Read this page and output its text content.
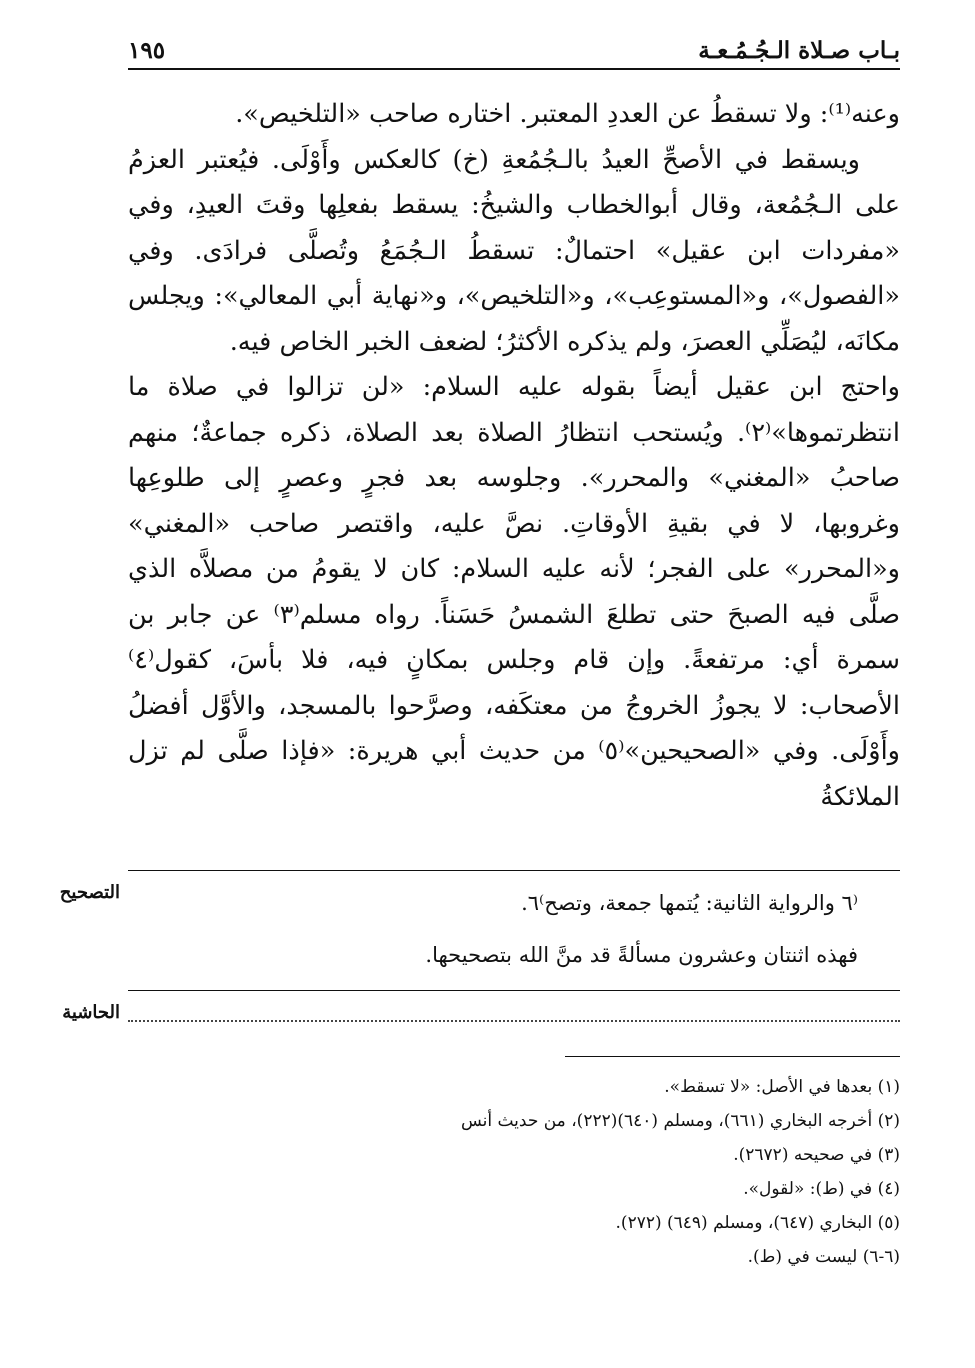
١٩٥	بـاب صـلاة الـجُـمُـعـة

وعنه⁽¹⁾: ولا تسقطُ عن العددِ المعتبر. اختاره صاحب «التلخيص».

ويسقط في الأصحِّ العيدُ بالـجُمُعةِ (خ) كالعكس وأَوْلَى. فيُعتبر العزمُ على الـجُمُعة، وقال أبوالخطاب والشيخُ: يسقط بفعلِها وقتَ العيدِ، وفي «مفردات ابن عقيل» احتمالٌ: تسقطُ الـجُمَعُ وتُصلَّى فرادَى. وفي «الفصول»، و«المستوعِب»، و«التلخيص»، و«نهاية أبي المعالي»: ويجلس مكانَه، ليُصَلِّي العصرَ، ولم يذكره الأكثرُ؛ لضعف الخبر الخاص فيه.

واحتج ابن عقيل أيضاً بقوله عليه السلام: «لن تزالوا في صلاة ما انتظرتموها»⁽٢⁾. ويُستحب انتظارُ الصلاة بعد الصلاة، ذكره جماعةٌ؛ منهم صاحبُ «المغني» والمحرر». وجلوسه بعد فجرٍ وعصرٍ إلى طلوعِها وغروبها، لا في بقيةِ الأوقاتِ. نصَّ عليه، واقتصر صاحب «المغني» و«المحرر» على الفجر؛ لأنه عليه السلام: كان لا يقومُ من مصلاَّه الذي صلَّى فيه الصبحَ حتى تطلعَ الشمسُ حَسَناً. رواه مسلم⁽٣⁾ عن جابر بن سمرة أي: مرتفعةً. وإن قام وجلس بمكانٍ فيه، فلا بأسَ، كقول⁽٤⁾ الأصحاب: لا يجوزُ الخروجُ من معتكَفه، وصرَّحوا بالمسجد، والأوَّل أفضلُ وأَوْلَى. وفي «الصحيحين»⁽٥⁾ من حديث أبي هريرة: «فإذا صلَّى لم تزل الملائكةُ

التصحيح	⁽٦ والرواية الثانية: يُتمها جمعة، وتصح⁾٦.
فهذه اثنتان وعشرون مسألةً قد منَّ الله بتصحيحها.
الحاشية

(١) بعدها في الأصل: «لا تسقط».

(٢) أخرجه البخاري (٦٦١)، ومسلم (٦٤٠)(٢٢٢)، من حديث أنس

(٣) في صحيحه (٢٦٧٢).

(٤) في (ط): «لقول».

(٥) البخاري (٦٤٧)، ومسلم (٦٤٩) (٢٧٢).

(٦-٦) ليست في (ط).
